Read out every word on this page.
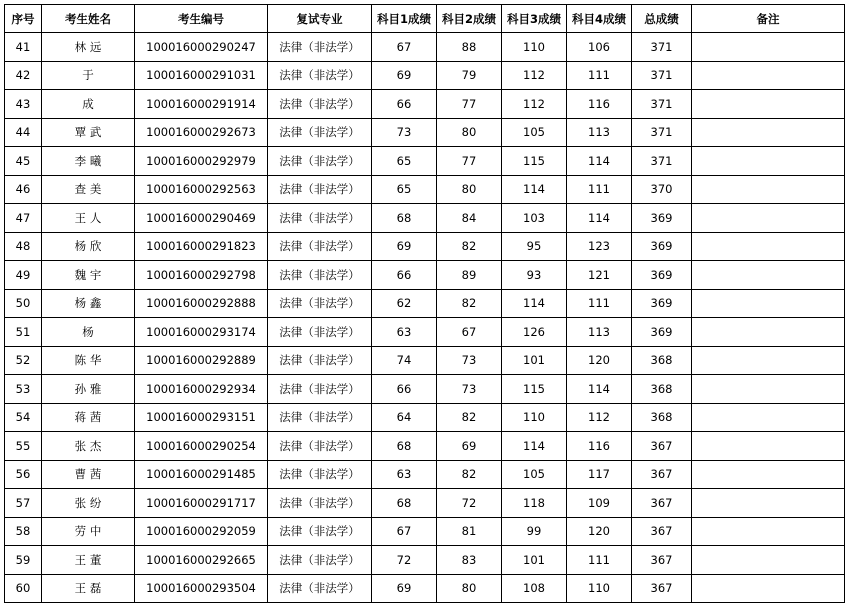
序号	考生姓名	考生编号	复试专业	科目1成绩	科目2成绩	科目3成绩	科目4成绩	总成绩	备注
41	林 远	100016000290247	法律（非法学）	67	88	110	106	371	
42	于	100016000291031	法律（非法学）	69	79	112	111	371	
43	成	100016000291914	法律（非法学）	66	77	112	116	371	
44	覃 武	100016000292673	法律（非法学）	73	80	105	113	371	
45	李 曦	100016000292979	法律（非法学）	65	77	115	114	371	
46	查 美	100016000292563	法律（非法学）	65	80	114	111	370	
47	王 人	100016000290469	法律（非法学）	68	84	103	114	369	
48	杨 欣	100016000291823	法律（非法学）	69	82	95	123	369	
49	魏 宇	100016000292798	法律（非法学）	66	89	93	121	369	
50	杨 鑫	100016000292888	法律（非法学）	62	82	114	111	369	
51	杨	100016000293174	法律（非法学）	63	67	126	113	369	
52	陈 华	100016000292889	法律（非法学）	74	73	101	120	368	
53	孙 雅	100016000292934	法律（非法学）	66	73	115	114	368	
54	蒋 茜	100016000293151	法律（非法学）	64	82	110	112	368	
55	张 杰	100016000290254	法律（非法学）	68	69	114	116	367	
56	曹 茜	100016000291485	法律（非法学）	63	82	105	117	367	
57	张 纷	100016000291717	法律（非法学）	68	72	118	109	367	
58	劳 中	100016000292059	法律（非法学）	67	81	99	120	367	
59	王 董	100016000292665	法律（非法学）	72	83	101	111	367	
60	王 磊	100016000293504	法律（非法学）	69	80	108	110	367	
